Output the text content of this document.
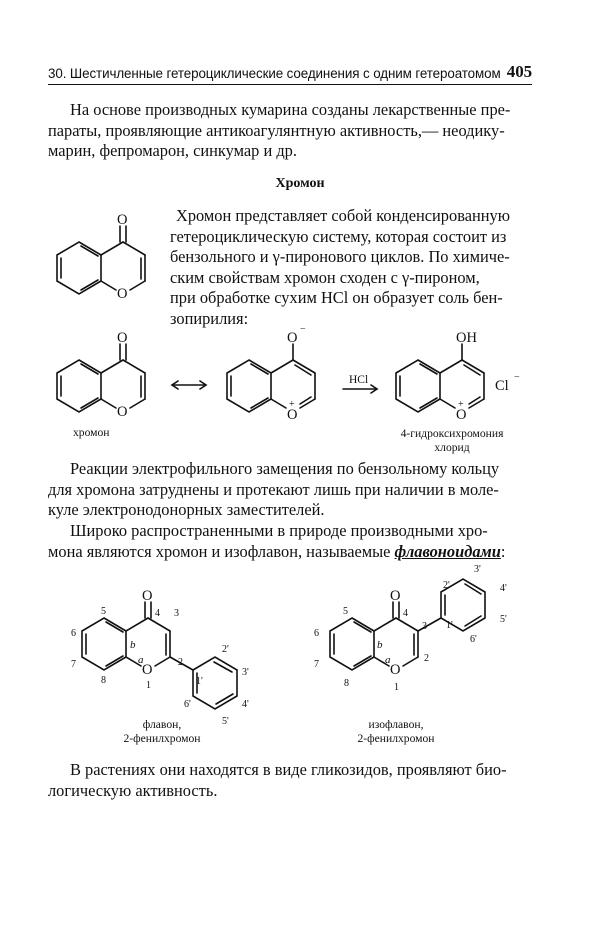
30. Шестичленные гетероциклические соединения с одним гетероатомом 405

На основе производных кумарина созданы лекарственные пре-
параты, проявляющие антикоагулянтную активность,— неодику-
марин, фепромарон, синкумар и др.

Хромон

Хромон представляет собой конденсированную
гетероциклическую систему, которая состоит из
бензольного и γ-пиронового циклов. По химиче-
ским свойствам хромон сходен с γ-пироном,
при обработке сухим HCl он образует соль бен-
зопирилия:

O
O
O
O
O
−
O
+
HCl
OH
O
+
Cl
−
O
O
3
2
1
4
5
6
7
8
b
a
1'
2'
3'
4'
5'
6'
O
O
3
2
1
4
5
6
7
8
b
a
1'
2'
3'
4'
5'
6'
хромон	4-гидроксихромония
хлорид

Реакции электрофильного замещения по бензольному кольцу
для хромона затруднены и протекают лишь при наличии в моле-
куле электронодонорных заместителей.

Широко распространенными в природе производными хро-
мона являются хромон и изофлавон, называемые флавоноидами:

флавон,
2-фенилхромон
изофлавон,
2-фенилхромон

В растениях они находятся в виде гликозидов, проявляют био-
логическую активность.
